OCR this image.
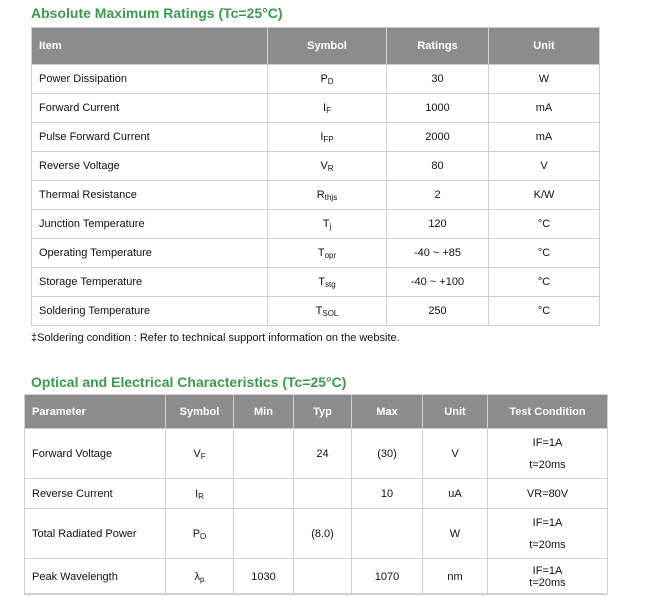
Absolute Maximum Ratings (Tc=25°C)
Item	Symbol	Ratings	Unit
Power Dissipation	$P_D$	30	W
Forward Current	$I_F$	1000	mA
Pulse Forward Current	$I_{FP}$	2000	mA
Reverse Voltage	$V_R$	80	V
Thermal Resistance	$R_{thjs}$	2	K/W
Junction Temperature	$T_j$	120	°C
Operating Temperature	$T_{opr}$	-40 ~ +85	°C
Storage Temperature	$T_{stg}$	-40 ~ +100	°C
Soldering Temperature	$T_{SOL}$	250	°C

‡Soldering condition : Refer to technical support information on the website.

Optical and Electrical Characteristics (Tc=25°C)
Parameter	Symbol	Min	Typ	Max	Unit	Test Condition
Forward Voltage	$V_F$		24	(30)	V	IF=1A
t=20ms

Reverse Current	$I_R$			10	uA	VR=80V

Total Radiated Power	$P_O$		(8.0)		W	IF=1A
t=20ms

Peak Wavelength	$\lambda_p$	1030		1070	nm	IF=1A
t=20ms
